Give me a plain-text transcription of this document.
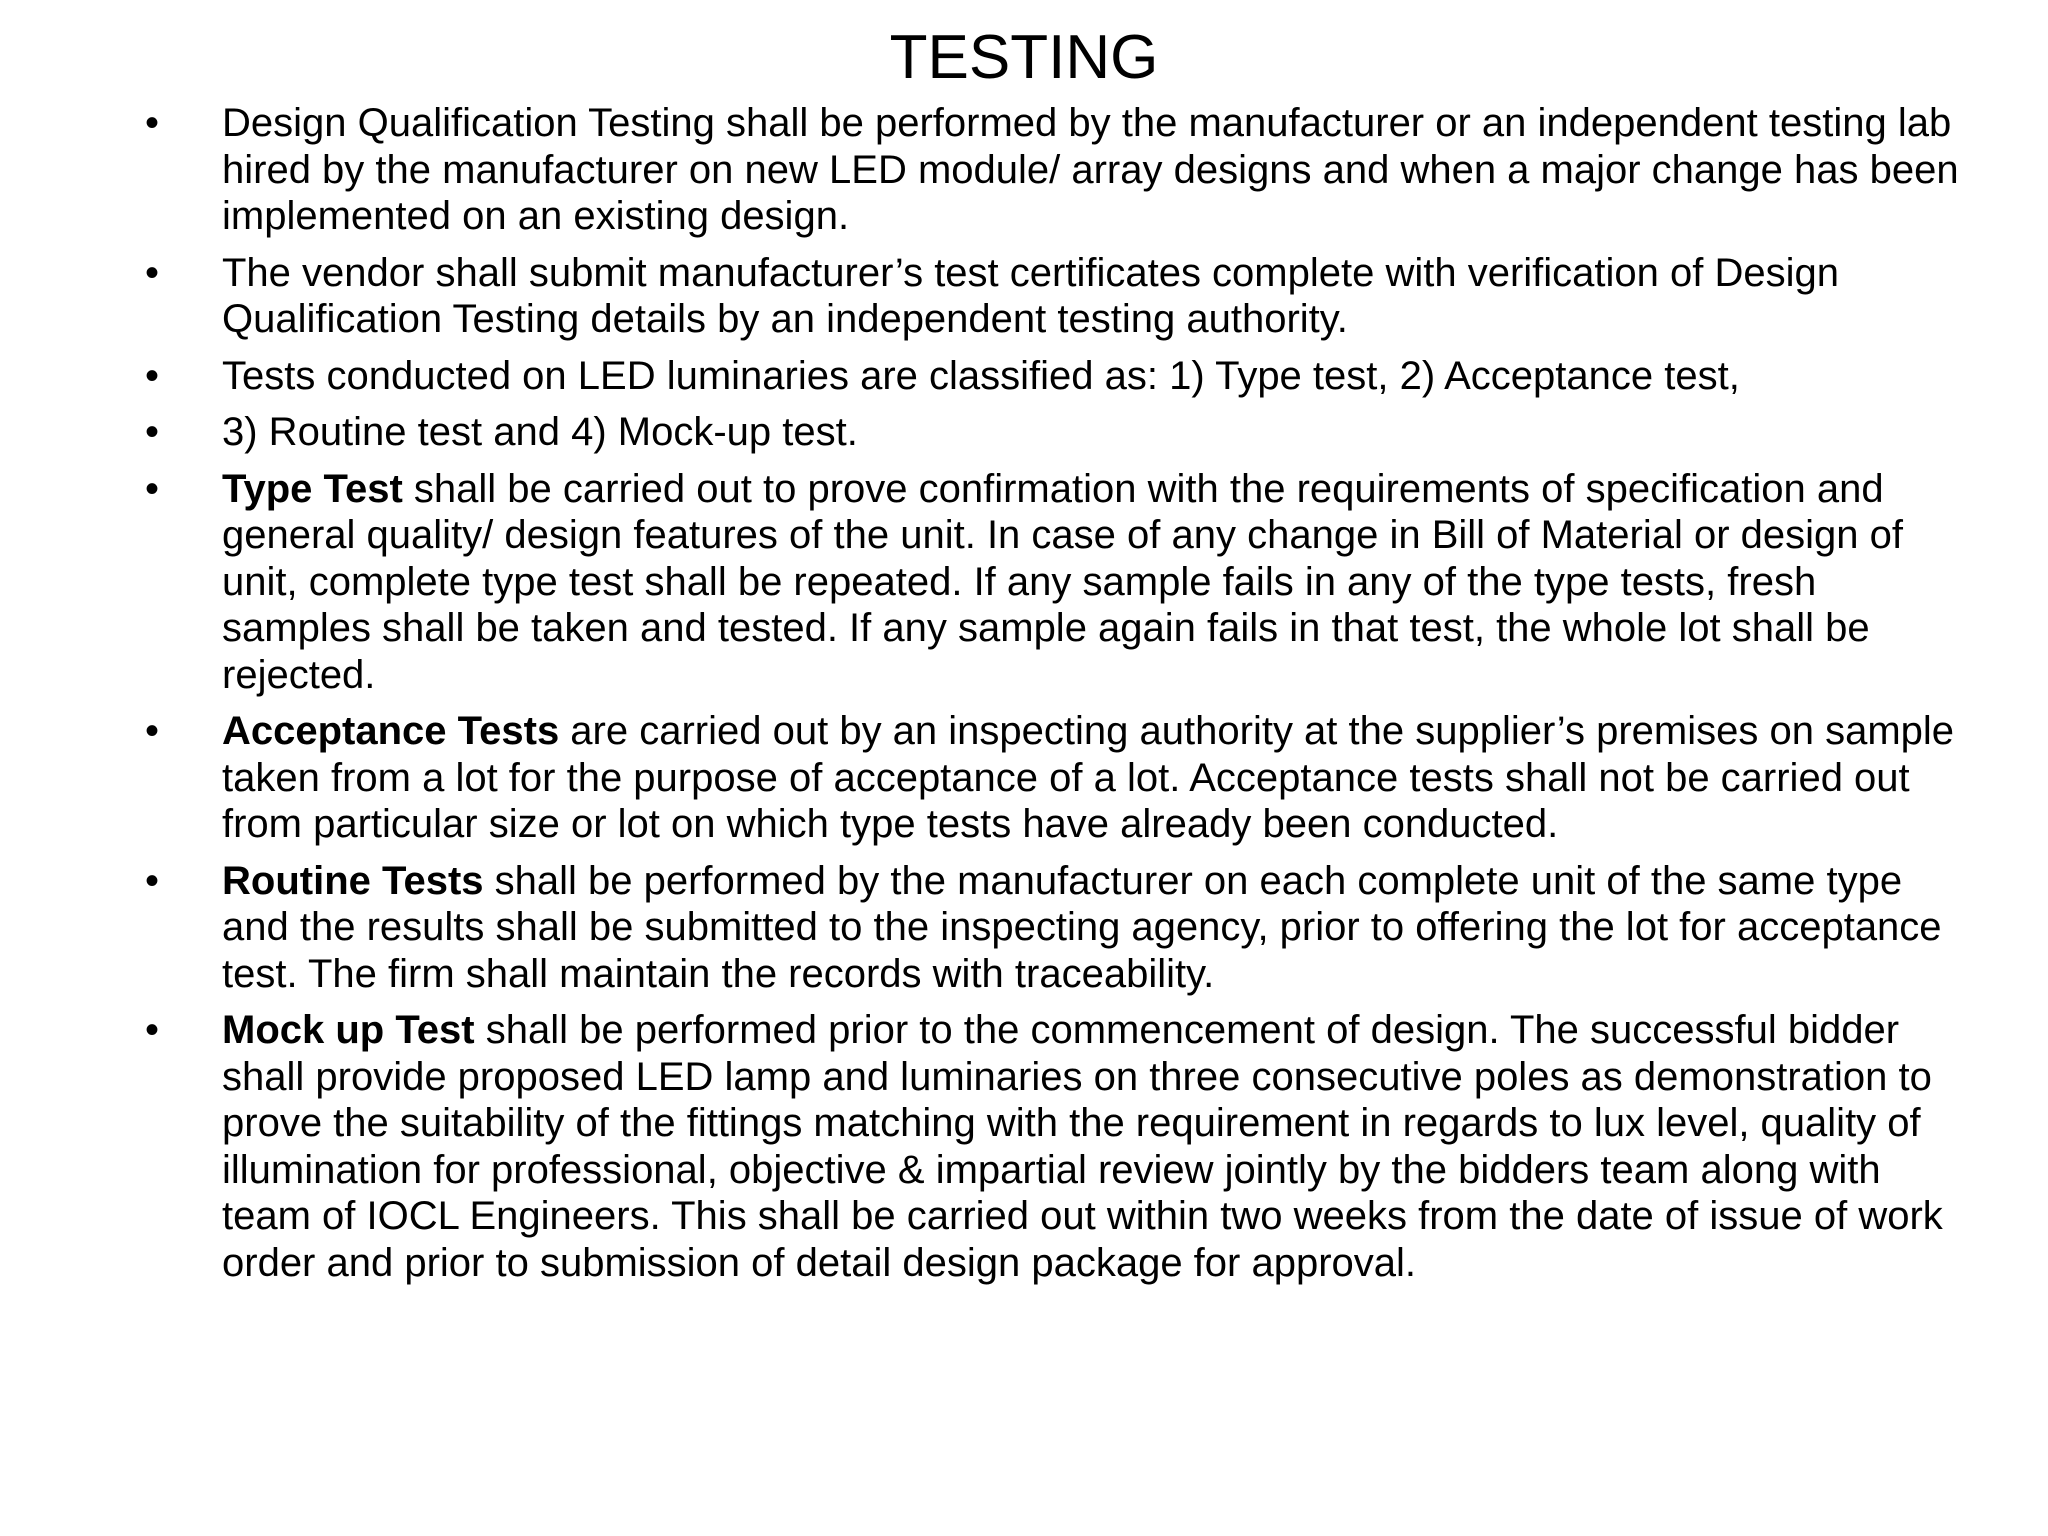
TESTING
•	Design Qualification Testing shall be performed by the manufacturer or an independent testing lab hired by the manufacturer on new LED module/ array designs and when a major change has been implemented on an existing design.
•	The vendor shall submit manufacturer’s test certificates complete with verification of Design Qualification Testing details by an independent testing authority.
•	Tests conducted on LED luminaries are classified as: 1) Type test, 2) Acceptance test,
•	3) Routine test and 4) Mock-up test.
•	Type Test shall be carried out to prove confirmation with the requirements of specification and general quality/ design features of the unit. In case of any change in Bill of Material or design of unit, complete type test shall be repeated. If any sample fails in any of the type tests, fresh samples shall be taken and tested. If any sample again fails in that test, the whole lot shall be rejected.
•	Acceptance Tests are carried out by an inspecting authority at the supplier’s premises on sample taken from a lot for the purpose of acceptance of a lot. Acceptance tests shall not be carried out from particular size or lot on which type tests have already been conducted.
•	Routine Tests shall be performed by the manufacturer on each complete unit of the same type and the results shall be submitted to the inspecting agency, prior to offering the lot for acceptance test. The firm shall maintain the records with traceability.
•	Mock up Test shall be performed prior to the commencement of design. The successful bidder shall provide proposed LED lamp and luminaries on three consecutive poles as demonstration to prove the suitability of the fittings matching with the requirement in regards to lux level, quality of illumination for professional, objective & impartial review jointly by the bidders team along with team of IOCL Engineers. This shall be carried out within two weeks from the date of issue of work order and prior to submission of detail design package for approval.
